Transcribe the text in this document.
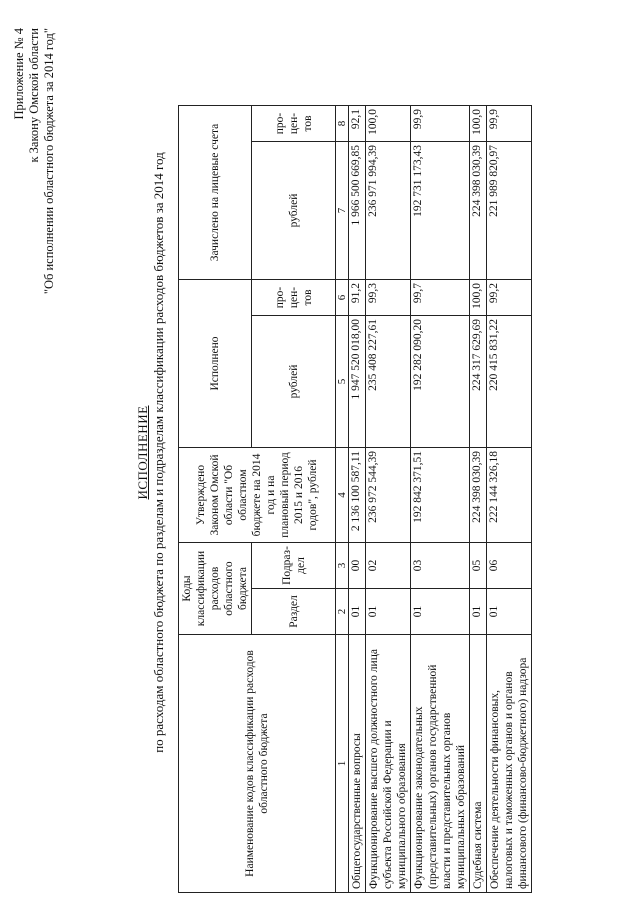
Приложение № 4 к Закону Омской области "Об исполнении областного бюджета за 2014 год"
ИСПОЛНЕНИЕ по расходам областного бюджета по разделам и подразделам классификации расходов бюджетов за 2014 год
Наименование кодов классификации расходов областного бюджета	Коды классификации расходов областного бюджета		Утверждено Законом Омской области "Об областном бюджете на 2014 год и на плановый период 2015 и 2016 годов", рублей	Исполнено		Зачислено на лицевые счета	
	Раздел	Подраз-дел		рублей	про-цен-тов	рублей	про-цен-тов
1	2	3	4	5	6	7	8
Общегосударственные вопросы	01	00	2 136 100 587,11	1 947 520 018,00	91,2	1 966 500 669,85	92,1
Функционирование высшего должностного лица субъекта Российской Федерации и муниципального образования	01	02	236 972 544,39	235 408 227,61	99,3	236 971 994,39	100,0
Функционирование законодательных (представительных) органов государственной власти и представительных органов муниципальных образований	01	03	192 842 371,51	192 282 090,20	99,7	192 731 173,43	99,9
Судебная система	01	05	224 398 030,39	224 317 629,69	100,0	224 398 030,39	100,0
Обеспечение деятельности финансовых, налоговых и таможенных органов и органов финансового (финансово-бюджетного) надзора	01	06	222 144 326,18	220 415 831,22	99,2	221 989 820,97	99,9
